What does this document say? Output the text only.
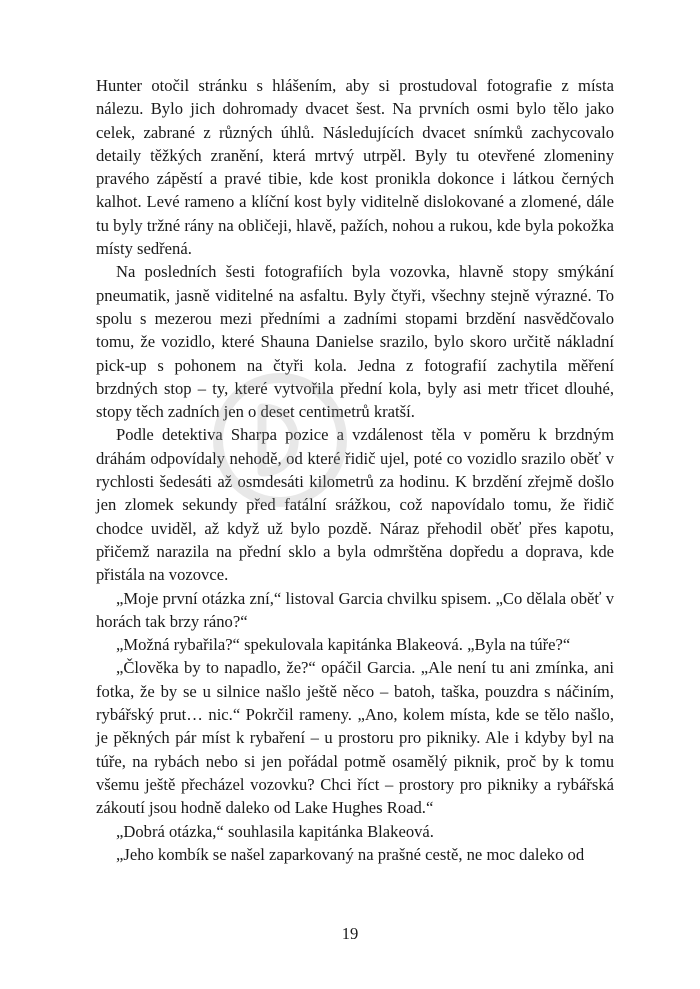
Hunter otočil stránku s hlášením, aby si prostudoval fotografie z místa nálezu. Bylo jich dohromady dvacet šest. Na prvních osmi bylo tělo jako celek, zabrané z různých úhlů. Následujících dvacet snímků zachycovalo detaily těžkých zranění, která mrtvý utrpěl. Byly tu otevřené zlomeniny pravého zápěstí a pravé tibie, kde kost pronikla dokonce i látkou černých kalhot. Levé rameno a klíční kost byly viditelně dislokované a zlomené, dále tu byly tržné rány na obličeji, hlavě, pažích, nohou a rukou, kde byla pokožka místy sedřená.

Na posledních šesti fotografiích byla vozovka, hlavně stopy smýkání pneumatik, jasně viditelné na asfaltu. Byly čtyři, všechny stejně výrazné. To spolu s mezerou mezi předními a zadními stopami brzdění nasvědčovalo tomu, že vozidlo, které Shauna Danielse srazilo, bylo skoro určitě nákladní pick-up s pohonem na čtyři kola. Jedna z fotografií zachytila měření brzdných stop – ty, které vytvořila přední kola, byly asi metr třicet dlouhé, stopy těch zadních jen o deset centimetrů kratší.

Podle detektiva Sharpa pozice a vzdálenost těla v poměru k brzdným dráhám odpovídaly nehodě, od které řidič ujel, poté co vozidlo srazilo oběť v rychlosti šedesáti až osmdesáti kilometrů za hodinu. K brzdění zřejmě došlo jen zlomek sekundy před fatální srážkou, což napovídalo tomu, že řidič chodce uviděl, až když už bylo pozdě. Náraz přehodil oběť přes kapotu, přičemž narazila na přední sklo a byla odmrštěna dopředu a doprava, kde přistála na vozovce.

„Moje první otázka zní,“ listoval Garcia chvilku spisem. „Co dělala oběť v horách tak brzy ráno?“

„Možná rybařila?“ spekulovala kapitánka Blakeová. „Byla na túře?“

„Člověka by to napadlo, že?“ opáčil Garcia. „Ale není tu ani zmínka, ani fotka, že by se u silnice našlo ještě něco – batoh, taška, pouzdra s náčiním, rybářský prut… nic.“ Pokrčil rameny. „Ano, kolem místa, kde se tělo našlo, je pěkných pár míst k rybaření – u prostoru pro pikniky. Ale i kdyby byl na túře, na rybách nebo si jen pořádal potmě osamělý piknik, proč by k tomu všemu ještě přecházel vozovku? Chci říct – prostory pro pikniky a rybářská zákoutí jsou hodně daleko od Lake Hughes Road.“

„Dobrá otázka,“ souhlasila kapitánka Blakeová.

„Jeho kombík se našel zaparkovaný na prašné cestě, ne moc daleko od

19
